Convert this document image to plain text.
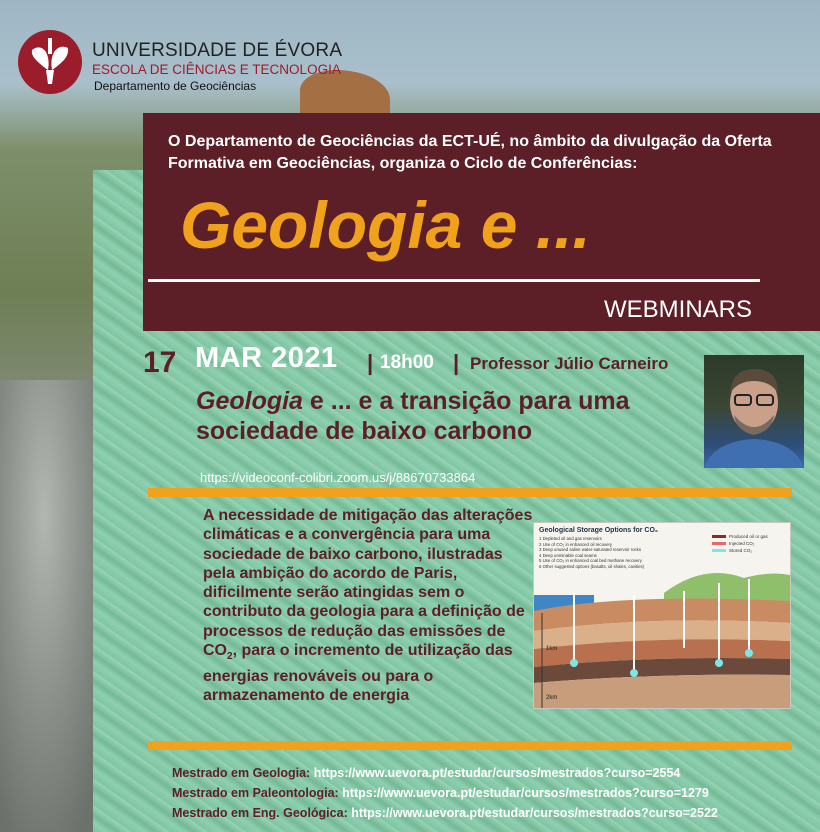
UNIVERSIDADE DE ÉVORA
ESCOLA DE CIÊNCIAS E TECNOLOGIA
Departamento de Geociências
O Departamento de Geociências da ECT-UÉ, no âmbito da divulgação da Oferta Formativa em Geociências, organiza o Ciclo de Conferências:
Geologia e ...
WEBMINARS
17 MAR 2021 | 18h00 | Professor Júlio Carneiro
Geologia e ... e a transição para uma sociedade de baixo carbono
https://videoconf-colibri.zoom.us/j/88670733864
A necessidade de mitigação das alterações climáticas e a convergência para uma sociedade de baixo carbono, ilustradas pela ambição do acordo de Paris, dificilmente serão atingidas sem o contributo da geologia para a definição de processos de redução das emissões de $CO_2$, para o incremento de utilização das energias renováveis ou para o armazenamento de energia
Geological Storage Options for CO₂
1 Depleted oil and gas reservoirs
2 Use of CO₂ in enhanced oil recovery
3 Deep unused saline water-saturated reservoir rocks
4 Deep unminable coal seams
5 Use of CO₂ in enhanced coal bed methane recovery
6 Other suggested options (basalts, oil shales, cavities)
Produced oil or gas
Injected CO₂
Stored CO₂
1km
2km
Mestrado em Geologia: https://www.uevora.pt/estudar/cursos/mestrados?curso=2554
Mestrado em Paleontologia: https://www.uevora.pt/estudar/cursos/mestrados?curso=1279
Mestrado em Eng. Geológica: https://www.uevora.pt/estudar/cursos/mestrados?curso=2522
